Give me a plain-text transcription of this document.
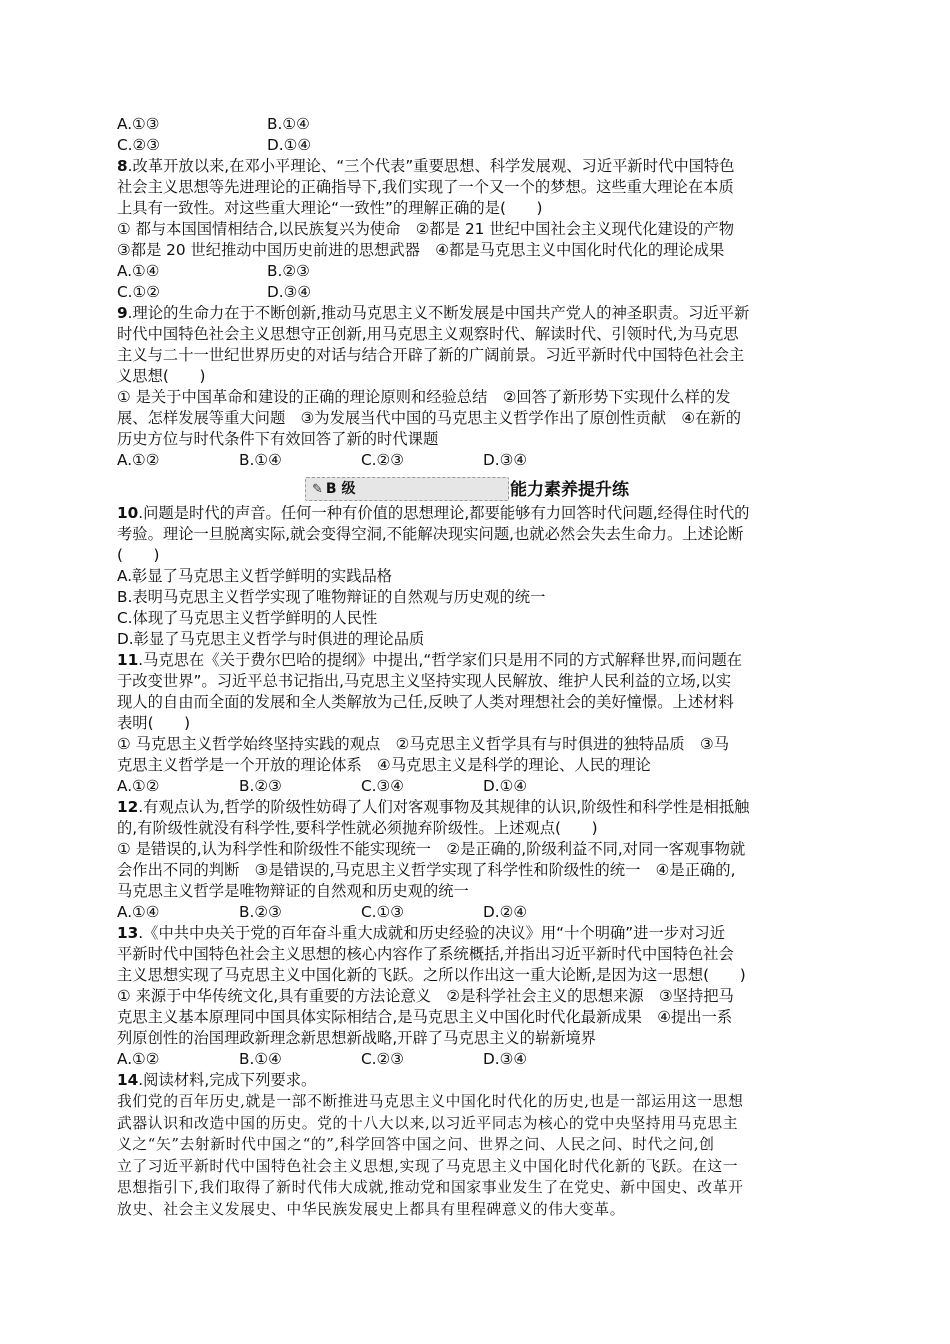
A.①③	B.①④
C.②③	D.①④
8.改革开放以来,在邓小平理论、“三个代表”重要思想、科学发展观、习近平新时代中国特色
社会主义思想等先进理论的正确指导下,我们实现了一个又一个的梦想。这些重大理论在本质
上具有一致性。对这些重大理论“一致性”的理解正确的是(　　)
① 都与本国国情相结合,以民族复兴为使命　②都是 21 世纪中国社会主义现代化建设的产物
③都是 20 世纪推动中国历史前进的思想武器　④都是马克思主义中国化时代化的理论成果
A.①④	B.②③
C.①②	D.③④
9.理论的生命力在于不断创新,推动马克思主义不断发展是中国共产党人的神圣职责。习近平新
时代中国特色社会主义思想守正创新,用马克思主义观察时代、解读时代、引领时代,为马克思
主义与二十一世纪世界历史的对话与结合开辟了新的广阔前景。习近平新时代中国特色社会主
义思想(　　)
① 是关于中国革命和建设的正确的理论原则和经验总结　②回答了新形势下实现什么样的发
展、怎样发展等重大问题　③为发展当代中国的马克思主义哲学作出了原创性贡献　④在新的
历史方位与时代条件下有效回答了新的时代课题
A.①②	B.①④	C.②③	D.③④
✎ B 级	能力素养提升练
10.问题是时代的声音。任何一种有价值的思想理论,都要能够有力回答时代问题,经得住时代的
考验。理论一旦脱离实际,就会变得空洞,不能解决现实问题,也就必然会失去生命力。上述论断
(　　)
A.彰显了马克思主义哲学鲜明的实践品格
B.表明马克思主义哲学实现了唯物辩证的自然观与历史观的统一
C.体现了马克思主义哲学鲜明的人民性
D.彰显了马克思主义哲学与时俱进的理论品质
11.马克思在《关于费尔巴哈的提纲》中提出,“哲学家们只是用不同的方式解释世界,而问题在
于改变世界”。习近平总书记指出,马克思主义坚持实现人民解放、维护人民利益的立场,以实
现人的自由而全面的发展和全人类解放为己任,反映了人类对理想社会的美好憧憬。上述材料
表明(　　)
① 马克思主义哲学始终坚持实践的观点　②马克思主义哲学具有与时俱进的独特品质　③马
克思主义哲学是一个开放的理论体系　④马克思主义是科学的理论、人民的理论
A.①②	B.②③	C.③④	D.①④
12.有观点认为,哲学的阶级性妨碍了人们对客观事物及其规律的认识,阶级性和科学性是相抵触
的,有阶级性就没有科学性,要科学性就必须抛弃阶级性。上述观点(　　)
① 是错误的,认为科学性和阶级性不能实现统一　②是正确的,阶级利益不同,对同一客观事物就
会作出不同的判断　③是错误的,马克思主义哲学实现了科学性和阶级性的统一　④是正确的,
马克思主义哲学是唯物辩证的自然观和历史观的统一
A.①④	B.②③	C.①③	D.②④
13.《中共中央关于党的百年奋斗重大成就和历史经验的决议》用“十个明确”进一步对习近
平新时代中国特色社会主义思想的核心内容作了系统概括,并指出习近平新时代中国特色社会
主义思想实现了马克思主义中国化新的飞跃。之所以作出这一重大论断,是因为这一思想(　　)
① 来源于中华传统文化,具有重要的方法论意义　②是科学社会主义的思想来源　③坚持把马
克思主义基本原理同中国具体实际相结合,是马克思主义中国化时代化最新成果　④提出一系
列原创性的治国理政新理念新思想新战略,开辟了马克思主义的崭新境界
A.①②	B.①④	C.②③	D.③④
14.阅读材料,完成下列要求。
我们党的百年历史,就是一部不断推进马克思主义中国化时代化的历史,也是一部运用这一思想
武器认识和改造中国的历史。党的十八大以来,以习近平同志为核心的党中央坚持用马克思主
义之“矢”去射新时代中国之“的”,科学回答中国之问、世界之问、人民之问、时代之问,创
立了习近平新时代中国特色社会主义思想,实现了马克思主义中国化时代化新的飞跃。在这一
思想指引下,我们取得了新时代伟大成就,推动党和国家事业发生了在党史、新中国史、改革开
放史、社会主义发展史、中华民族发展史上都具有里程碑意义的伟大变革。
